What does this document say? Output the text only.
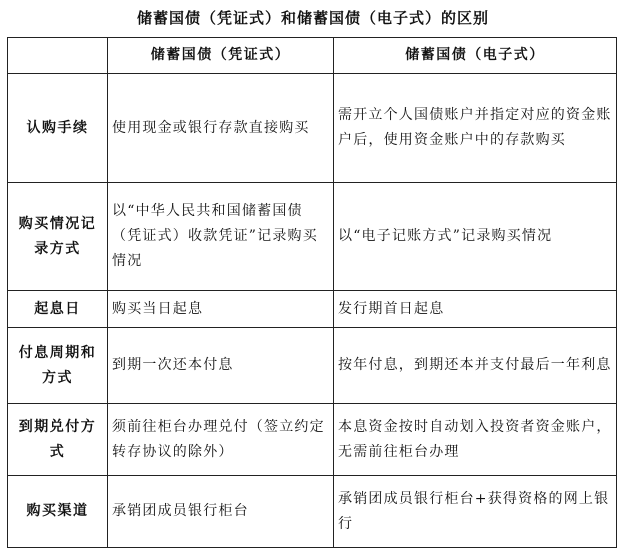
储蓄国债（凭证式）和储蓄国债（电子式）的区别
	储蓄国债（凭证式）	储蓄国债（电子式）
认购手续	使用现金或银行存款直接购买	需开立个人国债账户并指定对应的资金账户后，使用资金账户中的存款购买
购买情况记录方式	以“中华人民共和国储蓄国债（凭证式）收款凭证”记录购买情况	以“电子记账方式”记录购买情况
起息日	购买当日起息	发行期首日起息
付息周期和方式	到期一次还本付息	按年付息，到期还本并支付最后一年利息
到期兑付方式	须前往柜台办理兑付（签立约定转存协议的除外）	本息资金按时自动划入投资者资金账户，无需前往柜台办理
购买渠道	承销团成员银行柜台	承销团成员银行柜台+获得资格的网上银行
